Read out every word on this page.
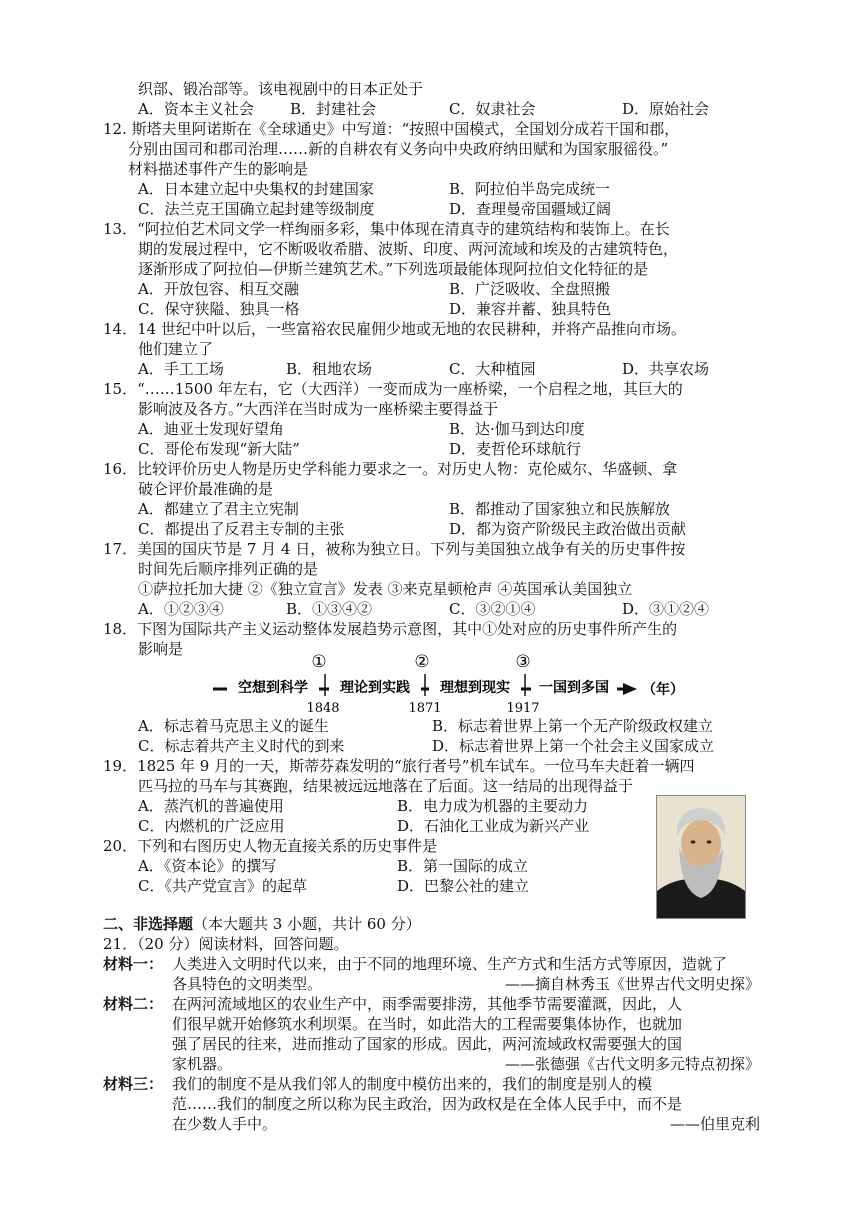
织部、锻冶部等。该电视剧中的日本正处于
A．资本主义社会 B．封建社会	C．奴隶社会	D．原始社会
12. 斯塔夫里阿诺斯在《全球通史》中写道：“按照中国模式，全国划分成若干国和郡，
分别由国司和郡司治理……新的自耕农有义务向中央政府纳田赋和为国家服徭役。”
材料描述事件产生的影响是
A．日本建立起中央集权的封建国家	B．阿拉伯半岛完成统一
C．法兰克王国确立起封建等级制度	D．查理曼帝国疆域辽阔
13．“阿拉伯艺术同文学一样绚丽多彩，集中体现在清真寺的建筑结构和装饰上。在长
期的发展过程中，它不断吸收希腊、波斯、印度、两河流域和埃及的古建筑特色，
逐渐形成了阿拉伯—伊斯兰建筑艺术。”下列选项最能体现阿拉伯文化特征的是
A．开放包容、相互交融	B．广泛吸收、全盘照搬
C．保守狭隘、独具一格	D．兼容并蓄、独具特色
14．14 世纪中叶以后，一些富裕农民雇佣少地或无地的农民耕种，并将产品推向市场。
他们建立了
A．手工工场	B．租地农场	C．大种植园	D．共享农场
15．“……1500 年左右，它（大西洋）一变而成为一座桥梁，一个启程之地，其巨大的
影响波及各方。”大西洋在当时成为一座桥梁主要得益于
A．迪亚士发现好望角	B．达·伽马到达印度
C．哥伦布发现“新大陆”	D．麦哲伦环球航行
16．比较评价历史人物是历史学科能力要求之一。对历史人物：克伦威尔、华盛顿、拿
破仑评价最准确的是
A．都建立了君主立宪制	B．都推动了国家独立和民族解放
C．都提出了反君主专制的主张	D．都为资产阶级民主政治做出贡献
17．美国的国庆节是 7 月 4 日，被称为独立日。下列与美国独立战争有关的历史事件按
时间先后顺序排列正确的是
①萨拉托加大捷 ②《独立宣言》发表 ③来克星顿枪声 ④英国承认美国独立
A．①②③④	B．①③④②	C．③②①④	D．③①②④
18．下图为国际共产主义运动整体发展趋势示意图，其中①处对应的历史事件所产生的
影响是
①	②	③
空想到科学 理论到实践 理想到现实 一国到多国 （年）
1848	1871	1917
A．标志着马克思主义的诞生	B．标志着世界上第一个无产阶级政权建立
C．标志着共产主义时代的到来	D．标志着世界上第一个社会主义国家成立
19．1825 年 9 月的一天，斯蒂芬森发明的“旅行者号”机车试车。一位马车夫赶着一辆四
匹马拉的马车与其赛跑，结果被远远地落在了后面。这一结局的出现得益于
A．蒸汽机的普遍使用	B．电力成为机器的主要动力
C．内燃机的广泛应用	D．石油化工业成为新兴产业
20．下列和右图历史人物无直接关系的历史事件是
A．《资本论》的撰写	B．第一国际的成立
C．《共产党宣言》的起草	D．巴黎公社的建立
二、非选择题（本大题共 3 小题，共计 60 分）
21．（20 分）阅读材料，回答问题。
材料一： 人类进入文明时代以来，由于不同的地理环境、生产方式和生活方式等原因，造就了
各具特色的文明类型。	——摘自林秀玉《世界古代文明史探》
材料二： 在两河流域地区的农业生产中，雨季需要排涝，其他季节需要灌溉，因此，人
们很早就开始修筑水利坝渠。在当时，如此浩大的工程需要集体协作，也就加
强了居民的往来，进而推动了国家的形成。因此，两河流域政权需要强大的国
家机器。	——张德强《古代文明多元特点初探》
材料三： 我们的制度不是从我们邻人的制度中模仿出来的，我们的制度是别人的模
范……我们的制度之所以称为民主政治，因为政权是在全体人民手中，而不是
在少数人手中。	——伯里克利
